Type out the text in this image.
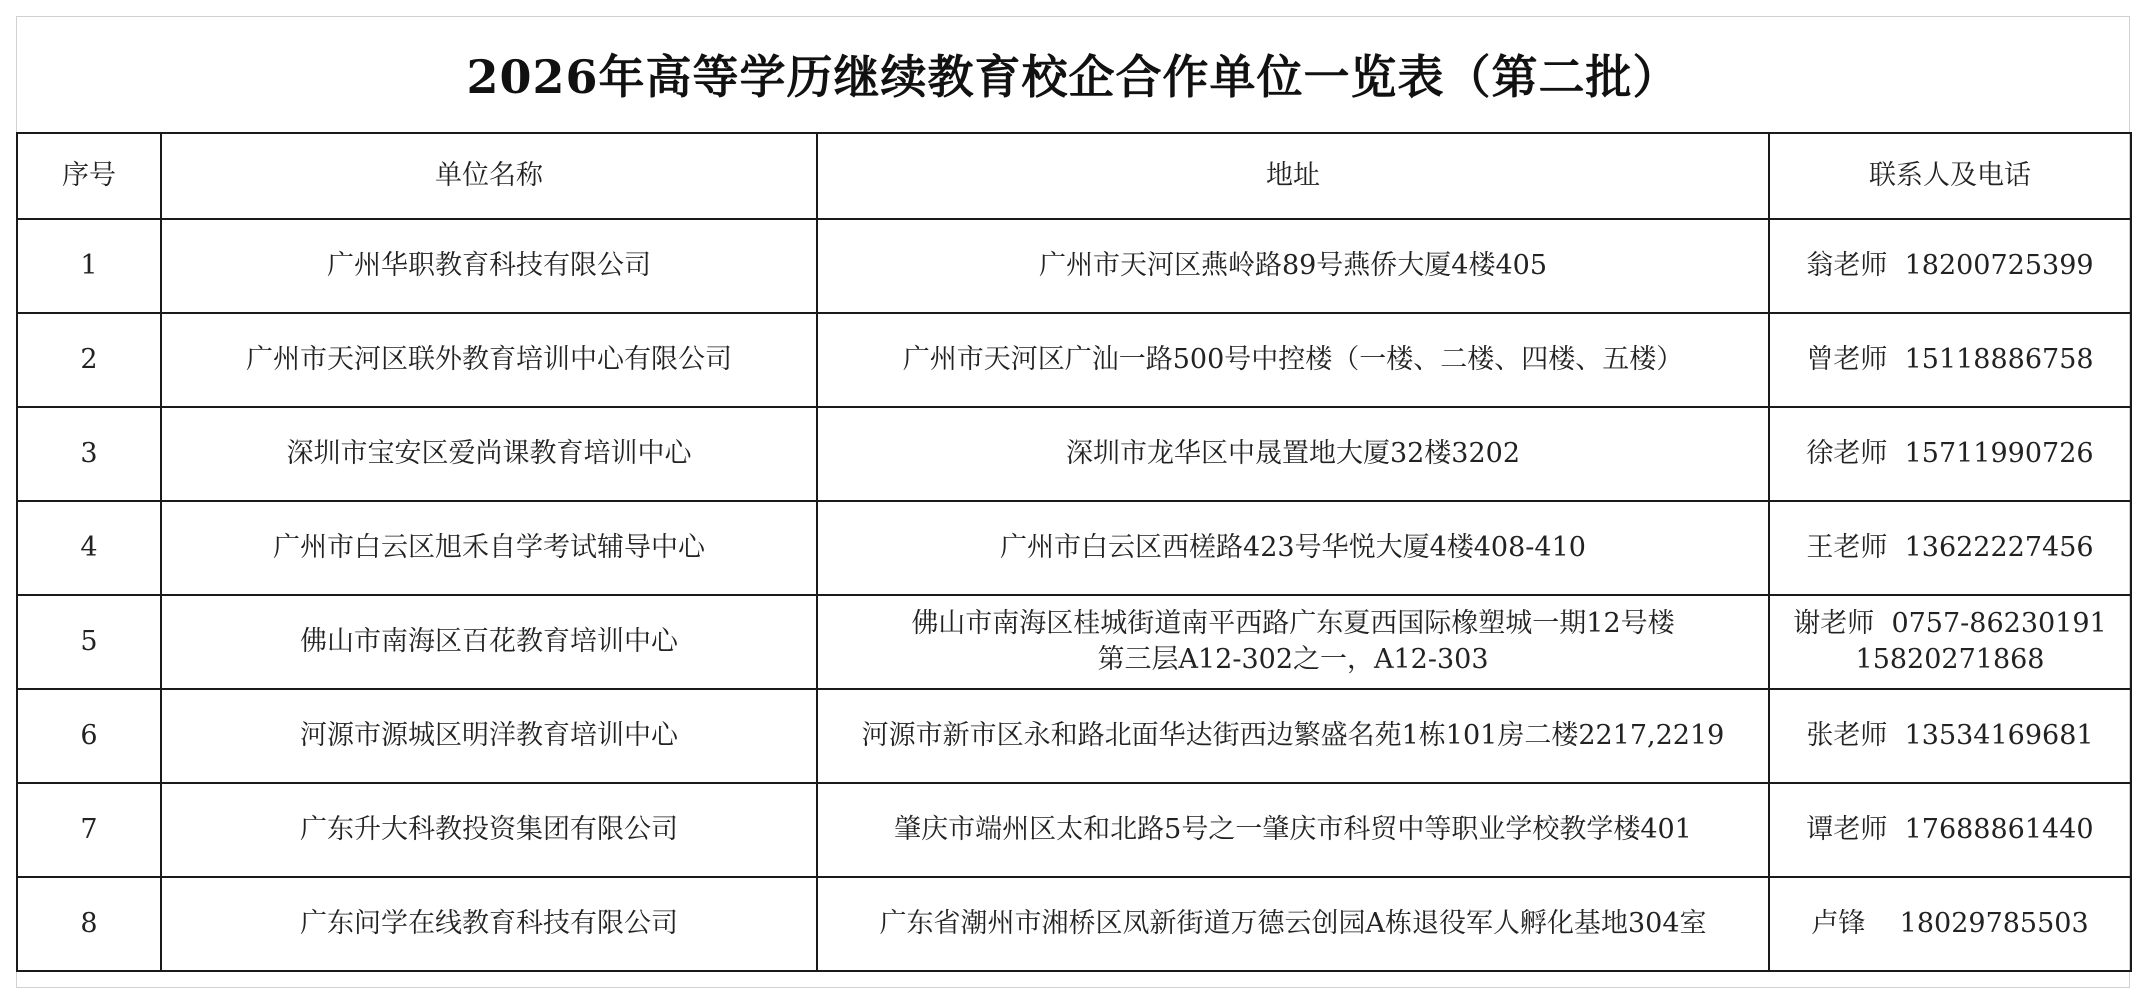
2026年高等学历继续教育校企合作单位一览表（第二批）
序号	单位名称	地址	联系人及电话
1	广州华职教育科技有限公司	广州市天河区燕岭路89号燕侨大厦4楼405	翁老师  18200725399

2	广州市天河区联外教育培训中心有限公司	广州市天河区广汕一路500号中控楼（一楼、二楼、四楼、五楼）	曾老师  15118886758

3	深圳市宝安区爱尚课教育培训中心	深圳市龙华区中晟置地大厦32楼3202	徐老师  15711990726

4	广州市白云区旭禾自学考试辅导中心	广州市白云区西槎路423号华悦大厦4楼408-410	王老师  13622227456

5	佛山市南海区百花教育培训中心	佛山市南海区桂城街道南平西路广东夏西国际橡塑城一期12号楼
第三层A12-302之一，A12-303	谢老师  0757-86230191
15820271868

6	河源市源城区明洋教育培训中心	河源市新市区永和路北面华达街西边繁盛名苑1栋101房二楼2217,2219	张老师  13534169681

7	广东升大科教投资集团有限公司	肇庆市端州区太和北路5号之一肇庆市科贸中等职业学校教学楼401	谭老师  17688861440

8	广东问学在线教育科技有限公司	广东省潮州市湘桥区凤新街道万德云创园A栋退役军人孵化基地304室	卢锋    18029785503
